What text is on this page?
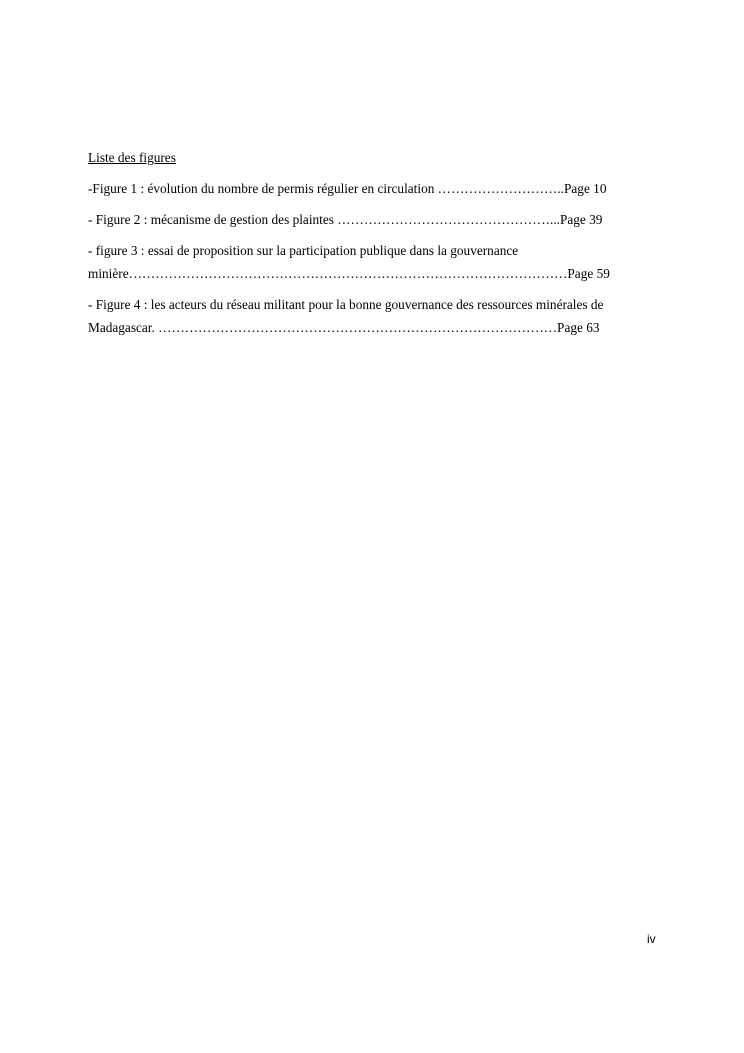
Liste des figures
-Figure 1 : évolution du nombre de permis régulier en circulation ………………………..Page 10
- Figure 2 : mécanisme de gestion des plaintes …………………………………………...Page 39
- figure 3 : essai de proposition sur la participation publique dans la gouvernance
minière………………………………………………………………………………………Page 59
- Figure 4 : les acteurs du réseau militant pour la bonne gouvernance des ressources minérales de
Madagascar. ………………………………………………………………………………Page 63
iv
